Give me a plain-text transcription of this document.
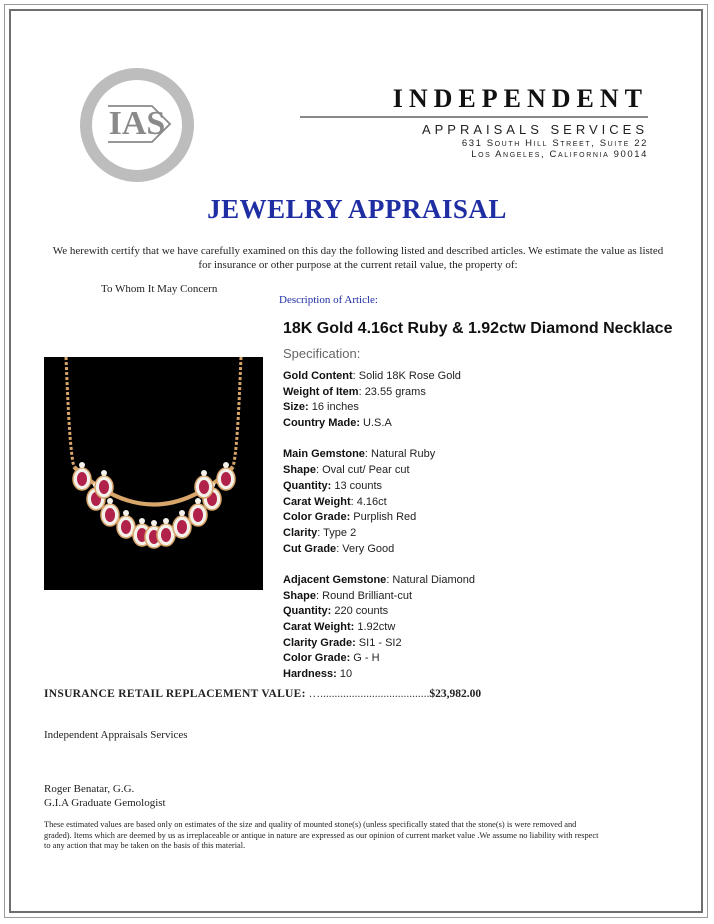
Appraisal
IAS
INDEPENDENT
APPRAISALS SERVICES
631 South Hill Street, Suite 22
Los Angeles, California 90014
JEWELRY APPRAISAL
We herewith certify that we have carefully examined on this day the following listed and described articles. We estimate the value as listed for insurance or other purpose at the current retail value, the property of:
To Whom It May Concern
Description of Article:
18K Gold 4.16ct Ruby & 1.92ctw Diamond Necklace
Specification:
Gold Content: Solid 18K Rose Gold
Weight of Item: 23.55 grams
Size: 16 inches
Country Made: U.S.A
Main Gemstone: Natural Ruby
Shape: Oval cut/ Pear cut
Quantity: 13 counts
Carat Weight: 4.16ct
Color Grade: Purplish Red
Clarity: Type 2
Cut Grade: Very Good
Adjacent Gemstone: Natural Diamond
Shape: Round Brilliant-cut
Quantity: 220 counts
Carat Weight: 1.92ctw
Clarity Grade: SI1 - SI2
Color Grade: G - H
Hardness: 10
INSURANCE RETAIL REPLACEMENT VALUE: …......................................$23,982.00
Independent Appraisals Services
Roger Benatar, G.G.
G.I.A Graduate Gemologist
These estimated values are based only on estimates of the size and quality of mounted stone(s) (unless specifically stated that the stone(s) is were removed and graded). Items which are deemed by us as irreplaceable or antique in nature are expressed as our opinion of current market value .We assume no liability with respect to any action that may be taken on the basis of this material.
